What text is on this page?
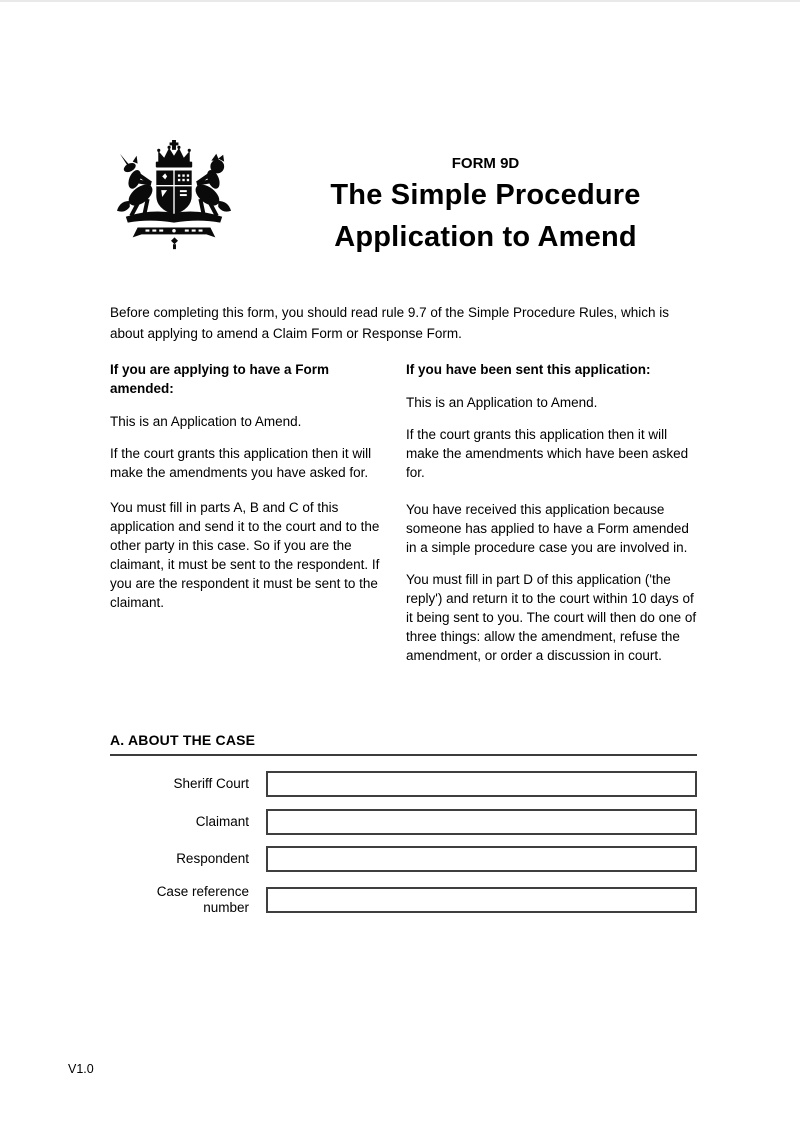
FORM 9D
The Simple Procedure
Application to Amend

Before completing this form, you should read rule 9.7 of the Simple Procedure Rules, which is about applying to amend a Claim Form or Response Form.

If you are applying to have a Form amended:

This is an Application to Amend.

If the court grants this application then it will make the amendments you have asked for.

You must fill in parts A, B and C of this application and send it to the court and to the other party in this case. So if you are the claimant, it must be sent to the respondent. If you are the respondent it must be sent to the claimant.

If you have been sent this application:

This is an Application to Amend.

If the court grants this application then it will make the amendments which have been asked for.

You have received this application because someone has applied to have a Form amended in a simple procedure case you are involved in.

You must fill in part D of this application ('the reply') and return it to the court within 10 days of it being sent to you. The court will then do one of three things: allow the amendment, refuse the amendment, or order a discussion in court.

A. ABOUT THE CASE
Sheriff Court
Claimant
Respondent
Case reference number
V1.0
